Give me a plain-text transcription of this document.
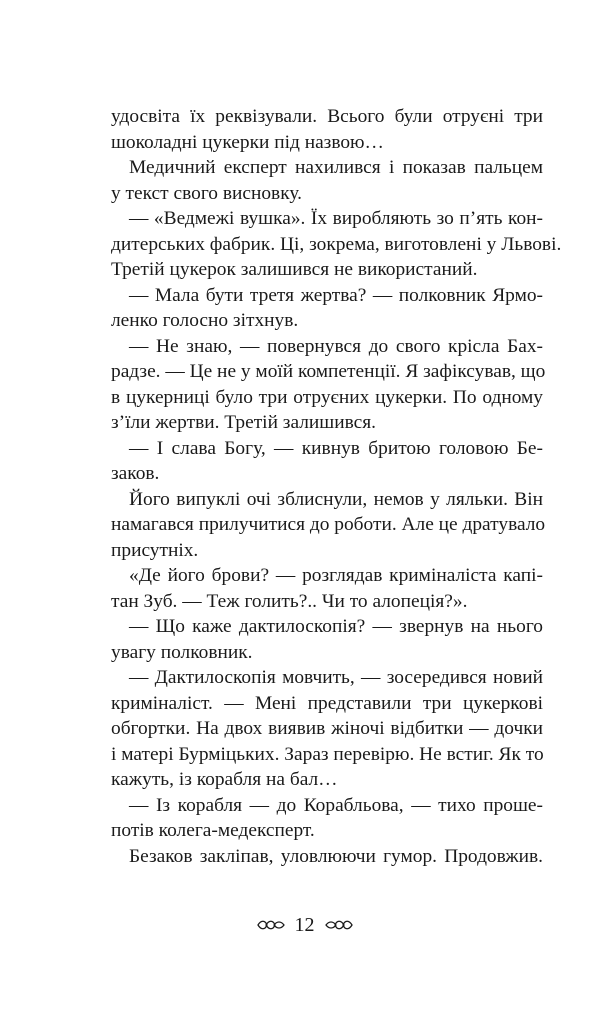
удосвіта їх реквізували. Всього були отруєні три
шоколадні цукерки під назвою…
Медичний експерт нахилився і показав пальцем
у текст свого висновку.
— «Ведмежі вушка». Їх виробляють зо п’ять кон-
дитерських фабрик. Ці, зокрема, виготовлені у Львові.
Третій цукерок залишився не використаний.
— Мала бути третя жертва? — полковник Ярмо-
ленко голосно зітхнув.
— Не знаю, — повернувся до свого крісла Бах-
радзе. — Це не у моїй компетенції. Я зафіксував, що
в цукерниці було три отруєних цукерки. По одному
з’їли жертви. Третій залишився.
— І слава Богу, — кивнув бритою головою Бе-
заков.
Його випуклі очі зблиснули, немов у ляльки. Він
намагався прилучитися до роботи. Але це дратувало
присутніх.
«Де його брови? — розглядав криміналіста капі-
тан Зуб. — Теж голить?.. Чи то алопеція?».
— Що каже дактилоскопія? — звернув на нього
увагу полковник.
— Дактилоскопія мовчить, — зосередився новий
криміналіст. — Мені представили три цукеркові
обгортки. На двох виявив жіночі відбитки — дочки
і матері Бурміцьких. Зараз перевірю. Не встиг. Як то
кажуть, із корабля на бал…
— Із корабля — до Корабльова, — тихо проше-
потів колега-медексперт.
Безаков закліпав, уловлюючи гумор. Продовжив.
12
